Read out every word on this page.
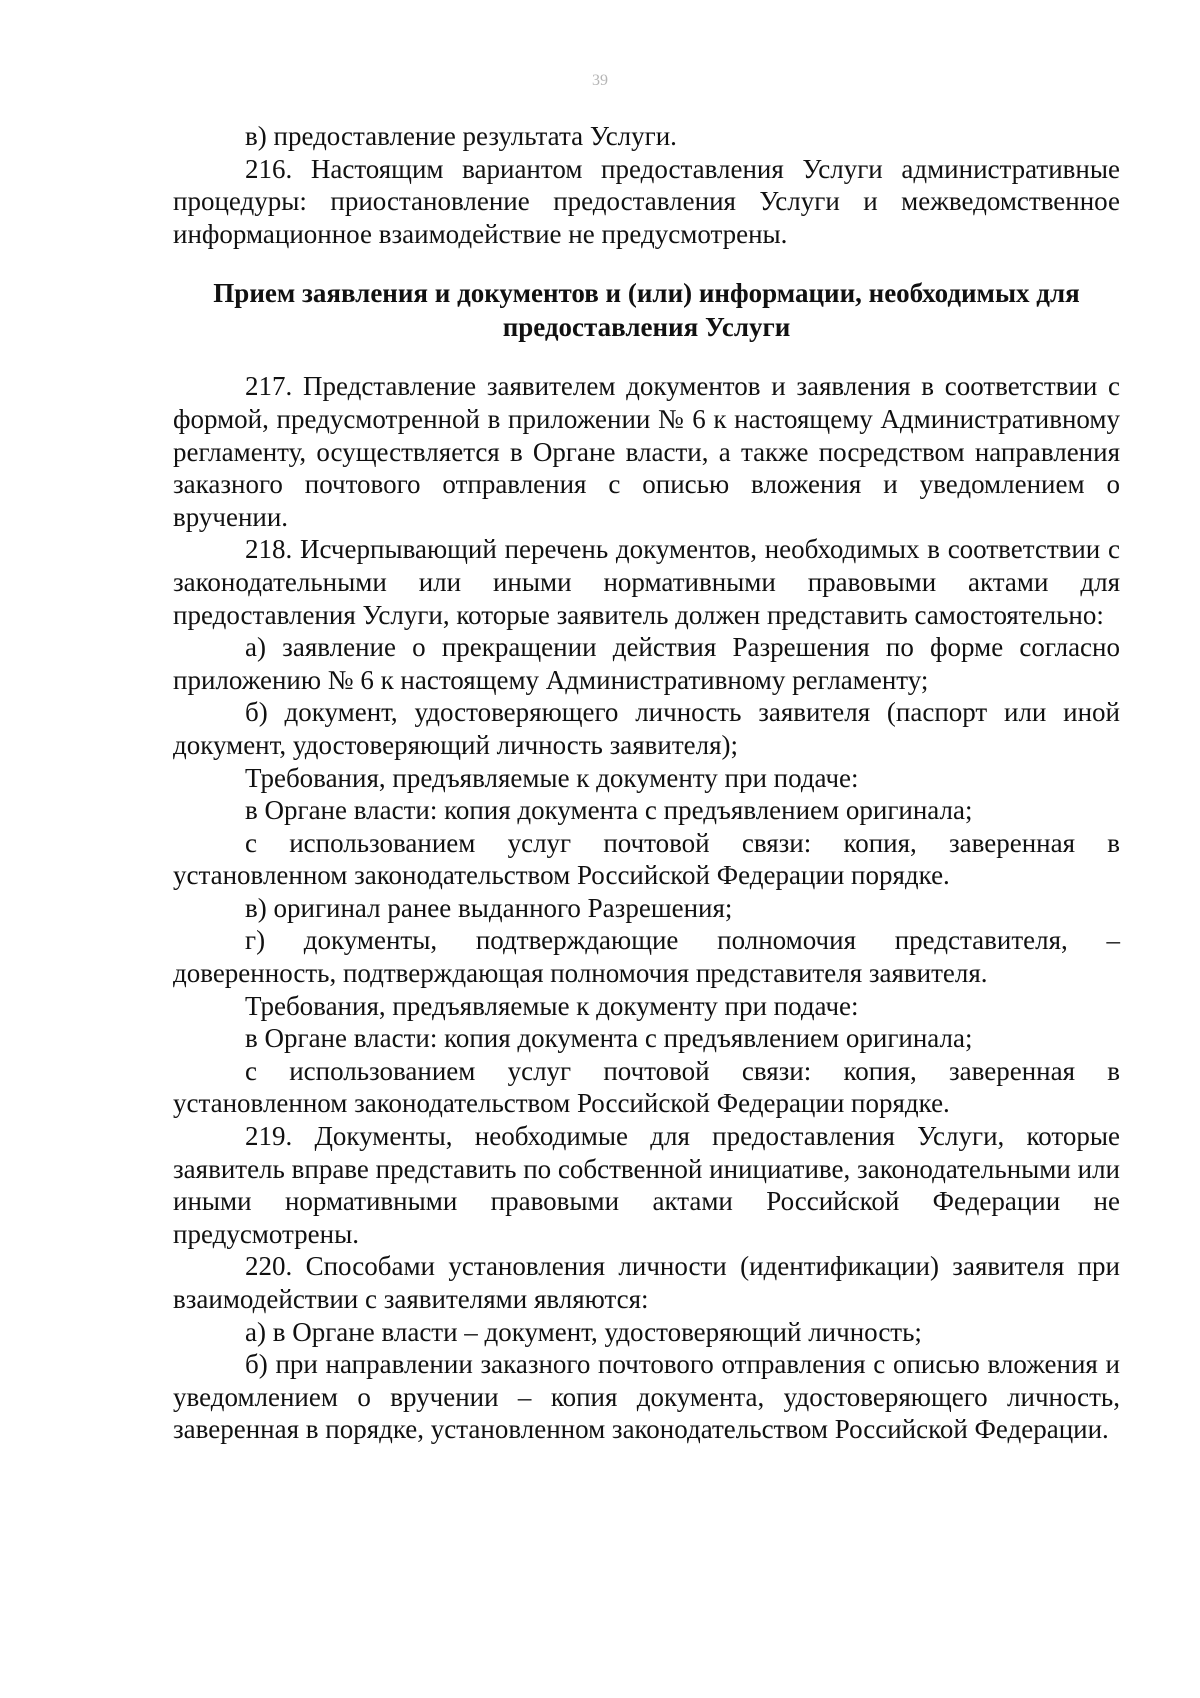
39

в) предоставление результата Услуги.

216. Настоящим вариантом предоставления Услуги административные процедуры: приостановление предоставления Услуги и межведомственное информационное взаимодействие не предусмотрены.

Прием заявления и документов и (или) информации, необходимых для предоставления Услуги

217. Представление заявителем документов и заявления в соответствии с формой, предусмотренной в приложении № 6 к настоящему Административному регламенту, осуществляется в Органе власти, а также посредством направления заказного почтового отправления с описью вложения и уведомлением о вручении.

218. Исчерпывающий перечень документов, необходимых в соответствии с законодательными или иными нормативными правовыми актами для предоставления Услуги, которые заявитель должен представить самостоятельно:

а) заявление о прекращении действия Разрешения по форме согласно приложению № 6 к настоящему Административному регламенту;

б) документ, удостоверяющего личность заявителя (паспорт или иной документ, удостоверяющий личность заявителя);

Требования, предъявляемые к документу при подаче:

в Органе власти: копия документа с предъявлением оригинала;

с использованием услуг почтовой связи: копия, заверенная в установленном законодательством Российской Федерации порядке.

в) оригинал ранее выданного Разрешения;

г) документы, подтверждающие полномочия представителя, – доверенность, подтверждающая полномочия представителя заявителя.

Требования, предъявляемые к документу при подаче:

в Органе власти: копия документа с предъявлением оригинала;

с использованием услуг почтовой связи: копия, заверенная в установленном законодательством Российской Федерации порядке.

219. Документы, необходимые для предоставления Услуги, которые заявитель вправе представить по собственной инициативе, законодательными или иными нормативными правовыми актами Российской Федерации не предусмотрены.

220. Способами установления личности (идентификации) заявителя при взаимодействии с заявителями являются:

а) в Органе власти – документ, удостоверяющий личность;

б) при направлении заказного почтового отправления с описью вложения и уведомлением о вручении – копия документа, удостоверяющего личность, заверенная в порядке, установленном законодательством Российской Федерации.
